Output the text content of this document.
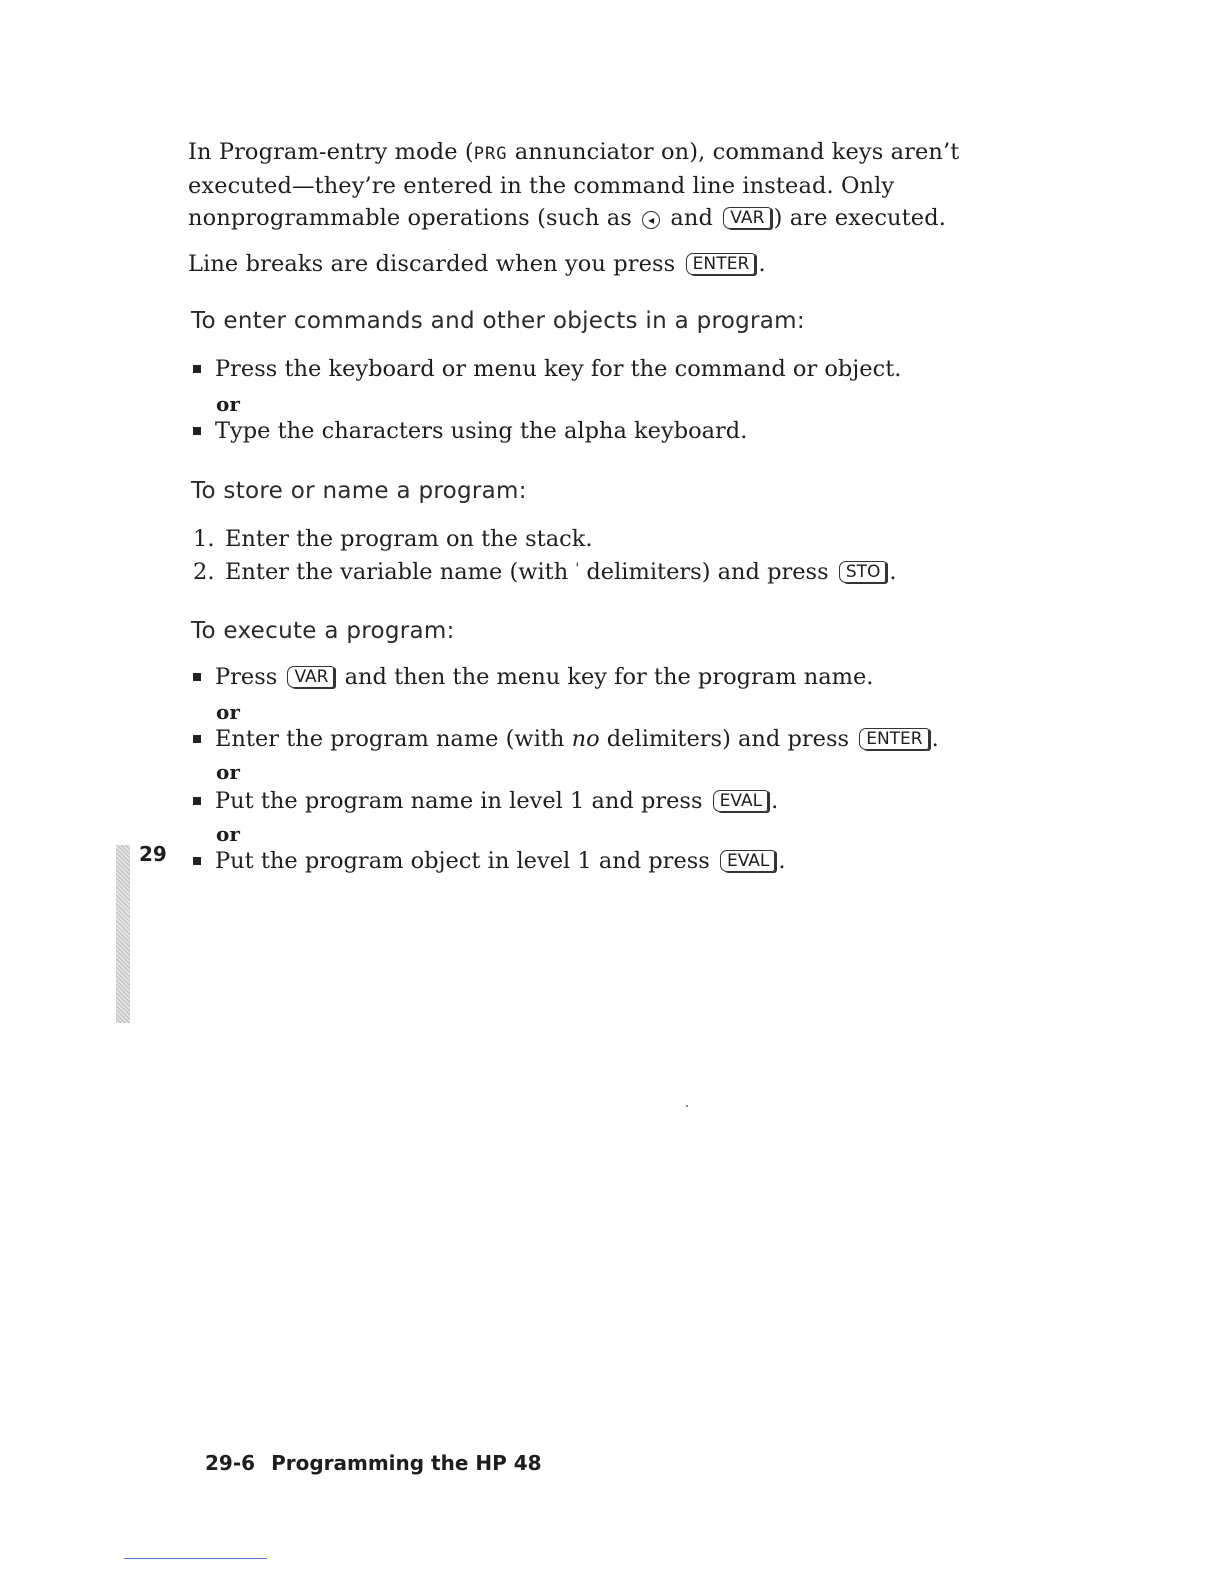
In Program-entry mode (PRG annunciator on), command keys aren’t executed—they’re entered in the command line instead. Only nonprogrammable operations (such as ◂ and VAR ) are executed.
Line breaks are discarded when you press ENTER .
To enter commands and other objects in a program:
Press the keyboard or menu key for the command or object.
or
Type the characters using the alpha keyboard.
To store or name a program:
1. Enter the program on the stack.
2. Enter the variable name (with ' delimiters) and press STO .
To execute a program:
Press VAR and then the menu key for the program name.
or
Enter the program name (with no delimiters) and press ENTER .
or
Put the program name in level 1 and press EVAL .
or
Put the program object in level 1 and press EVAL .
29
29-6 Programming the HP 48
